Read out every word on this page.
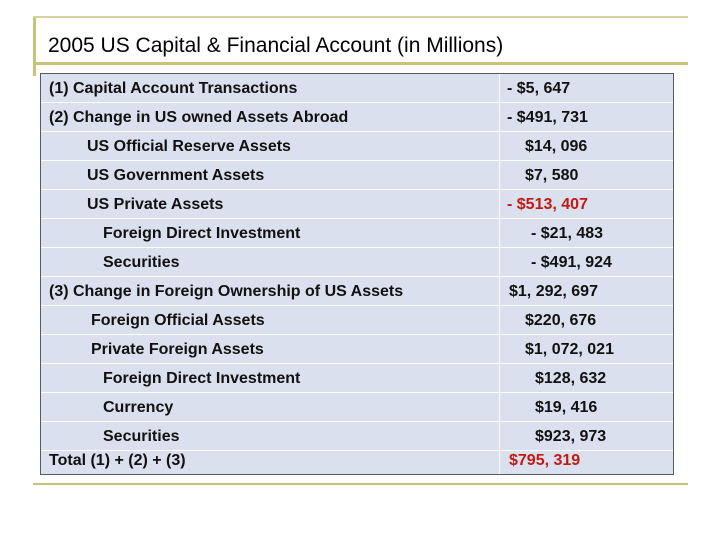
2005 US Capital & Financial Account (in Millions)
(1) Capital Account Transactions	- $5, 647
(2) Change in US owned Assets Abroad	- $491, 731
US Official Reserve Assets	$14, 096
US Government Assets	$7, 580
US Private Assets	- $513, 407
Foreign Direct Investment	- $21, 483
Securities	- $491, 924
(3) Change in Foreign Ownership of US Assets	$1, 292, 697
Foreign Official Assets	$220, 676
Private Foreign Assets	$1, 072, 021
Foreign Direct Investment	$128, 632
Currency	$19, 416
Securities	$923, 973
Total (1) + (2) + (3)	$795, 319
